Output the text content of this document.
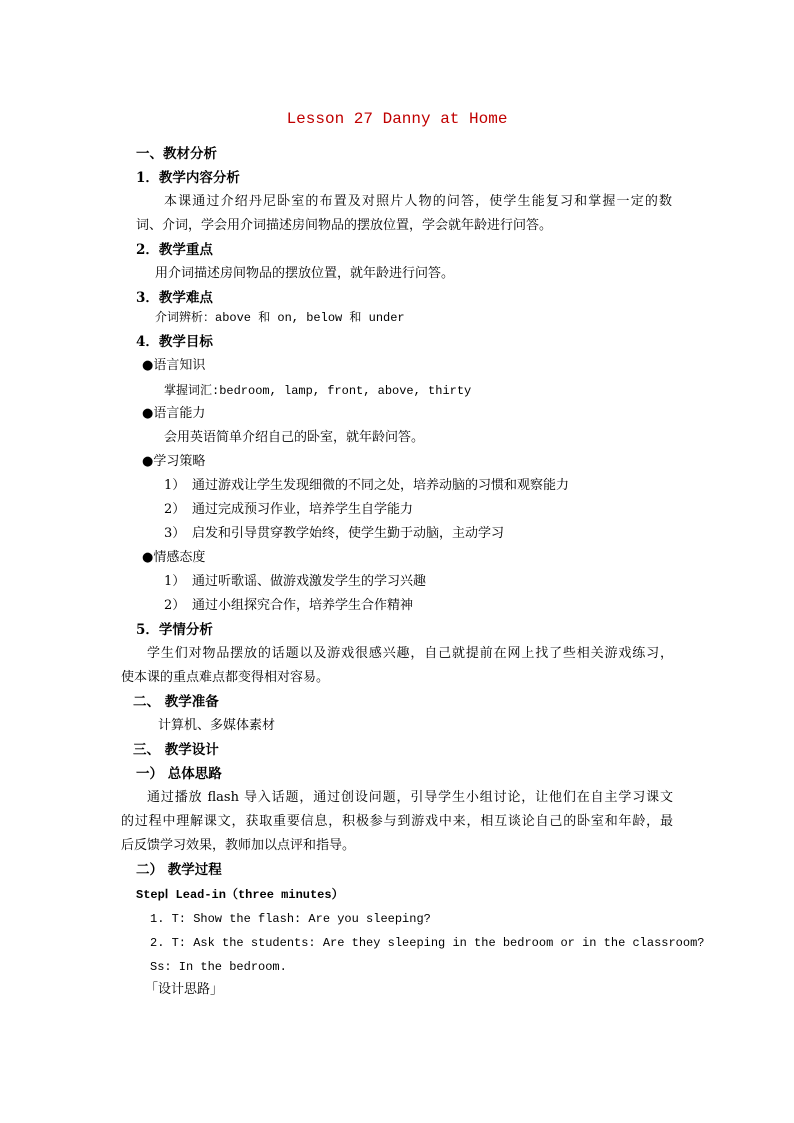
Lesson 27 Danny at Home
一、教材分析
1．教学内容分析
本课通过介绍丹尼卧室的布置及对照片人物的问答，使学生能复习和掌握一定的数
词、介词，学会用介词描述房间物品的摆放位置，学会就年龄进行问答。
2．教学重点
用介词描述房间物品的摆放位置，就年龄进行问答。
3．教学难点
介词辨析：above 和 on, below 和 under
4．教学目标
●语言知识
掌握词汇:bedroom, lamp, front, above, thirty
●语言能力
会用英语简单介绍自己的卧室，就年龄问答。
●学习策略
1） 通过游戏让学生发现细微的不同之处，培养动脑的习惯和观察能力
2） 通过完成预习作业，培养学生自学能力
3） 启发和引导贯穿教学始终，使学生勤于动脑，主动学习
●情感态度
1） 通过听歌谣、做游戏激发学生的学习兴趣
2） 通过小组探究合作，培养学生合作精神
5．学情分析
学生们对物品摆放的话题以及游戏很感兴趣，自己就提前在网上找了些相关游戏练习，
使本课的重点难点都变得相对容易。
二、 教学准备
计算机、多媒体素材
三、 教学设计
一） 总体思路
通过播放 flash 导入话题，通过创设问题，引导学生小组讨论，让他们在自主学习课文
的过程中理解课文，获取重要信息，积极参与到游戏中来，相互谈论自己的卧室和年龄，最
后反馈学习效果，教师加以点评和指导。
二） 教学过程
StepⅠ Lead-in（three minutes）
1. T: Show the flash: Are you sleeping?
2. T: Ask the students: Are they sleeping in the bedroom or in the classroom?
Ss: In the bedroom.
「设计思路」
